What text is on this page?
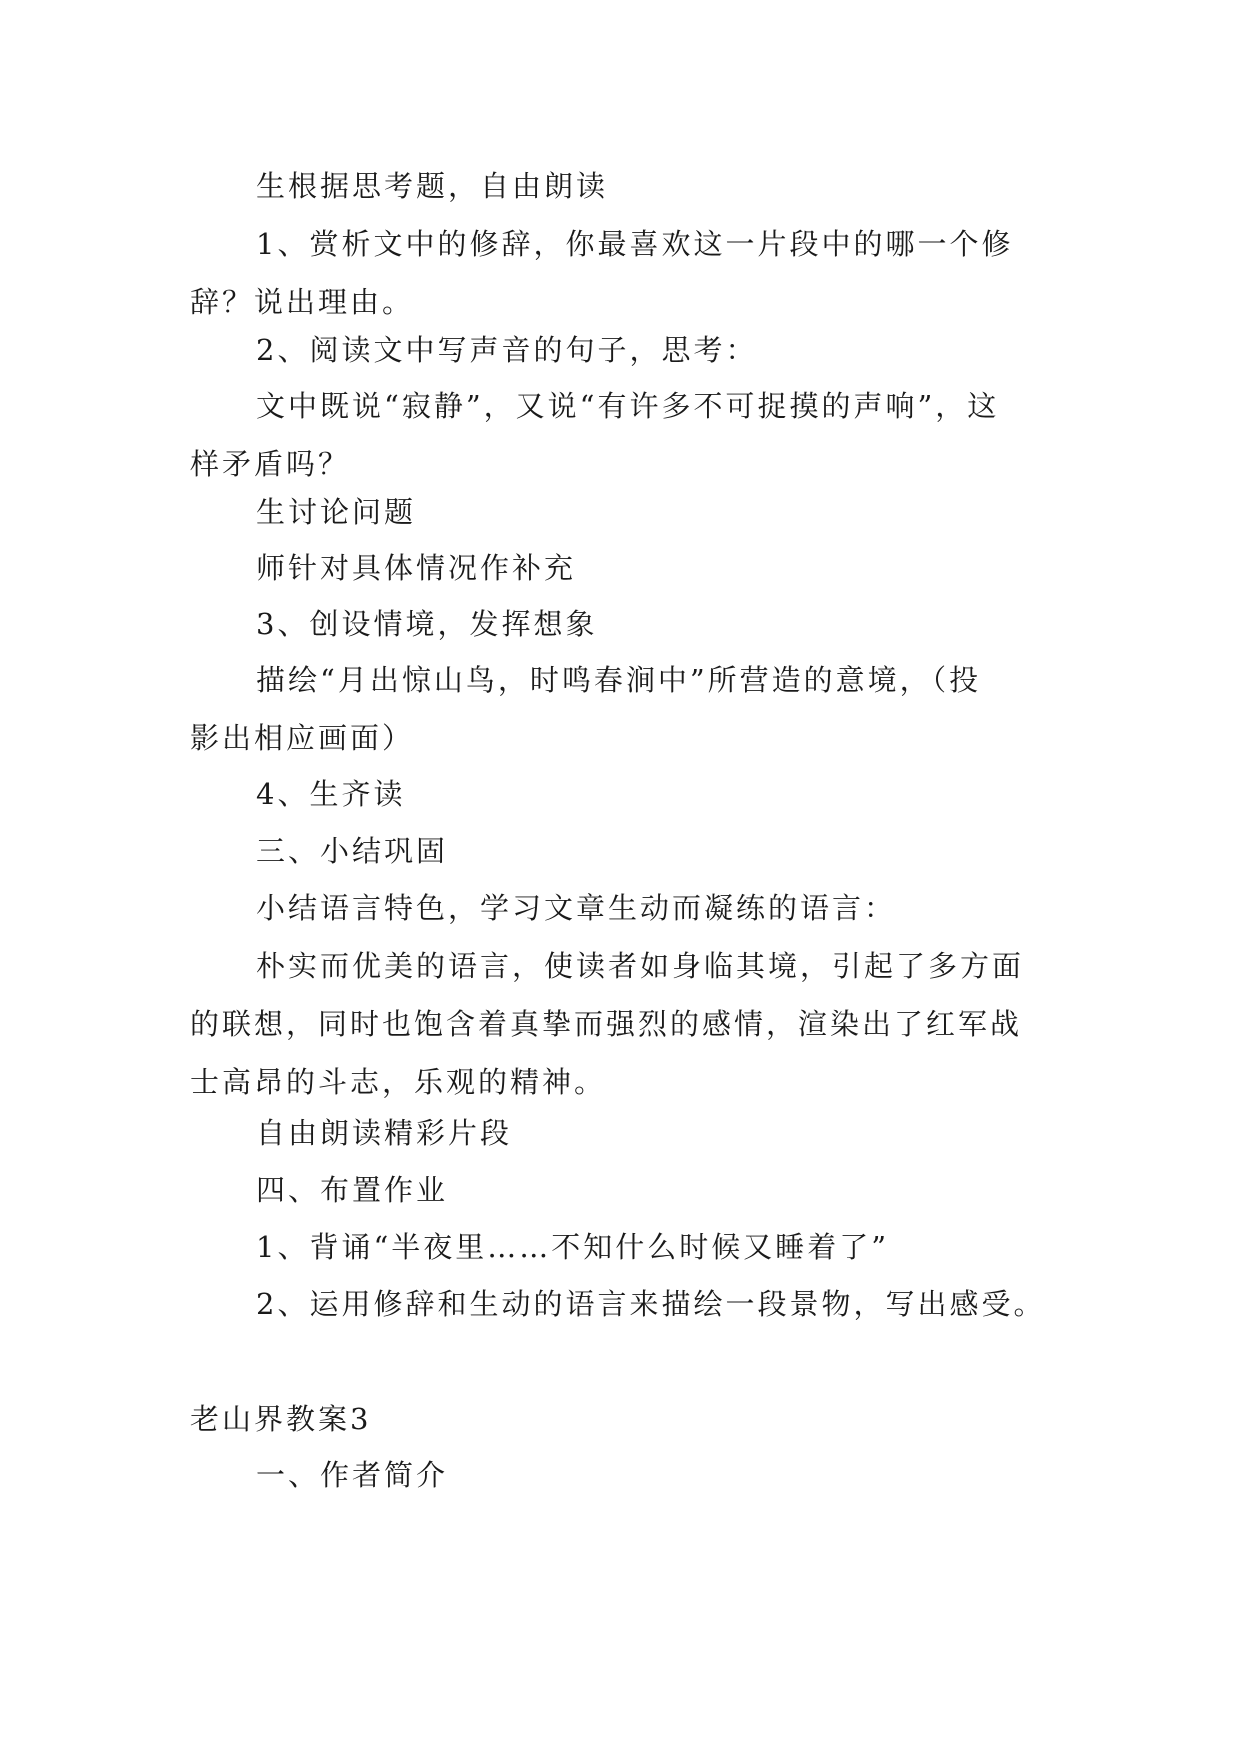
生根据思考题，自由朗读
1、赏析文中的修辞，你最喜欢这一片段中的哪一个修
辞？说出理由。
2、阅读文中写声音的句子，思考：
文中既说“寂静”，又说“有许多不可捉摸的声响”，这
样矛盾吗？
生讨论问题
师针对具体情况作补充
3、创设情境，发挥想象
描绘“月出惊山鸟，时鸣春涧中”所营造的意境，（投
影出相应画面）
4、生齐读
三、小结巩固
小结语言特色，学习文章生动而凝练的语言：
朴实而优美的语言，使读者如身临其境，引起了多方面
的联想，同时也饱含着真挚而强烈的感情，渲染出了红军战
士高昂的斗志，乐观的精神。
自由朗读精彩片段
四、布置作业
1、背诵“半夜里……不知什么时候又睡着了”
2、运用修辞和生动的语言来描绘一段景物，写出感受。
老山界教案3
一、作者简介
